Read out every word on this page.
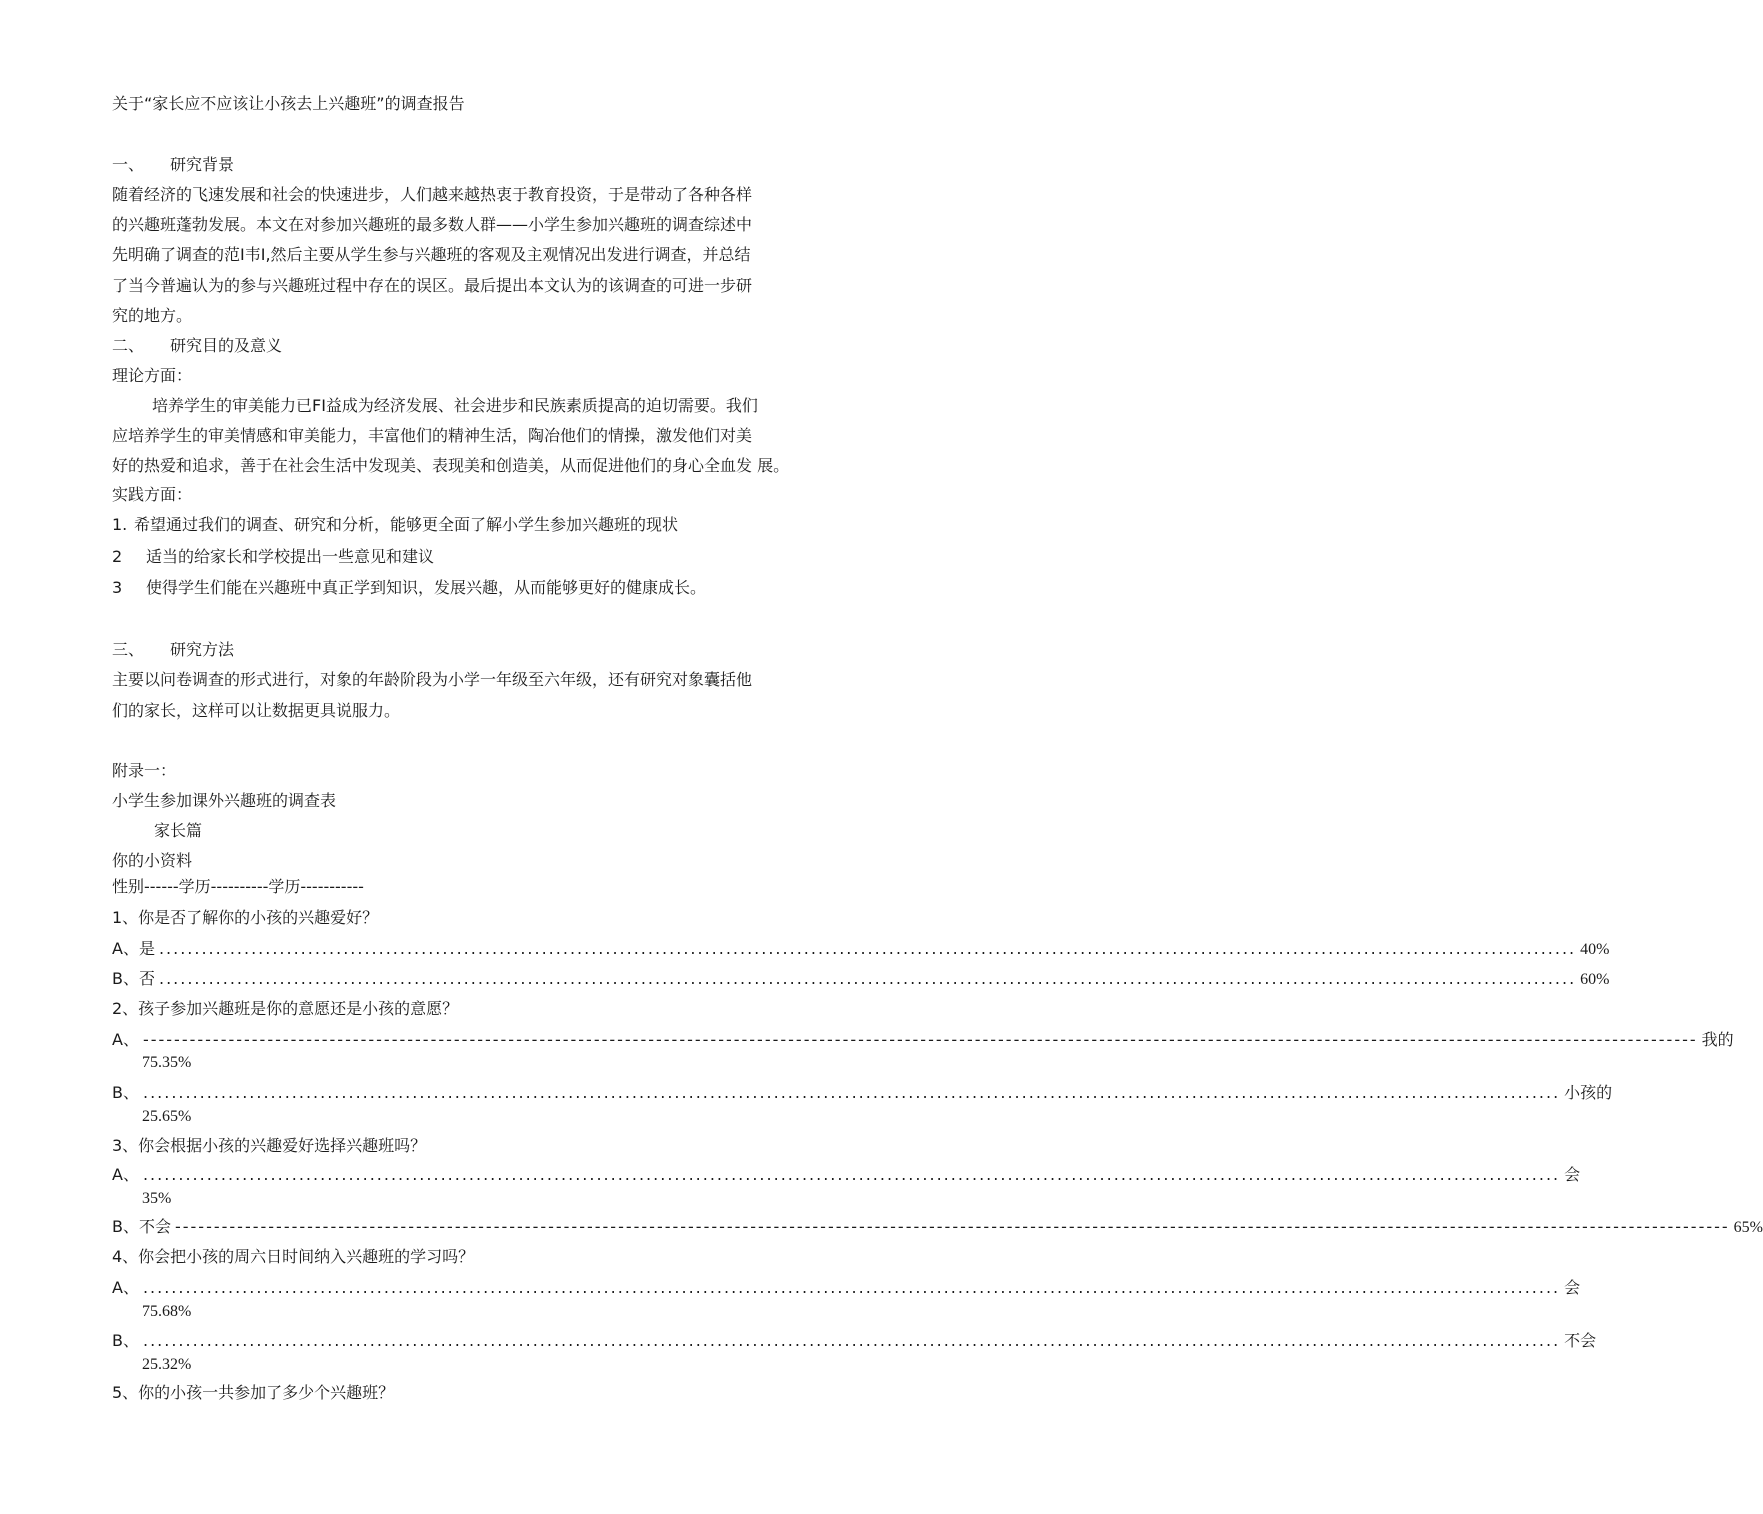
关于“家长应不应该让小孩去上兴趣班”的调查报告
一、 研究背景
随着经济的飞速发展和社会的快速进步，人们越来越热衷于教育投资，于是带动了各种各样
的兴趣班蓬勃发展。本文在对参加兴趣班的最多数人群——小学生参加兴趣班的调查综述中
先明确了调查的范I韦I,然后主要从学生参与兴趣班的客观及主观情况出发进行调查，并总结
了当今普遍认为的参与兴趣班过程中存在的误区。最后提出本文认为的该调查的可进一步研
究的地方。
二、 研究目的及意义
理论方面：
培养学生的审美能力已FI益成为经济发展、社会进步和民族素质提高的迫切需要。我们
应培养学生的审美情感和审美能力，丰富他们的精神生活，陶冶他们的情操，激发他们对美
好的热爱和追求，善于在社会生活中发现美、表现美和创造美，从而促进他们的身心全血发 展。
实践方面：
1. 希望通过我们的调查、研究和分析，能够更全面了解小学生参加兴趣班的现状
2 适当的给家长和学校提出一些意见和建议
3 使得学生们能在兴趣班中真正学到知识，发展兴趣，从而能够更好的健康成长。
三、 研究方法
主要以问卷调查的形式进行，对象的年龄阶段为小学一年级至六年级，还有研究对象囊括他
们的家长，这样可以让数据更具说服力。
附录一：
小学生参加课外兴趣班的调查表
家长篇
你的小资料
性别------学历----------学历-----------
1、你是否了解你的小孩的兴趣爱好？
A、是 ........................................................................................................................................................................................................ 40%
B、否 ........................................................................................................................................................................................................ 60%
2、孩子参加兴趣班是你的意愿还是小孩的意愿？
A、 -------------------------------------------------------------------------------------------------------------------------------------------------------------------------------------------------------- 我的
75.35%
B、 ........................................................................................................................................................................................................ 小孩的
25.65%
3、你会根据小孩的兴趣爱好选择兴趣班吗？
A、 ........................................................................................................................................................................................................ 会
35%
B、不会 -------------------------------------------------------------------------------------------------------------------------------------------------------------------------------------------------------- 65%
4、你会把小孩的周六日时间纳入兴趣班的学习吗？
A、 ........................................................................................................................................................................................................ 会
75.68%
B、 ........................................................................................................................................................................................................ 不会
25.32%
5、你的小孩一共参加了多少个兴趣班？
